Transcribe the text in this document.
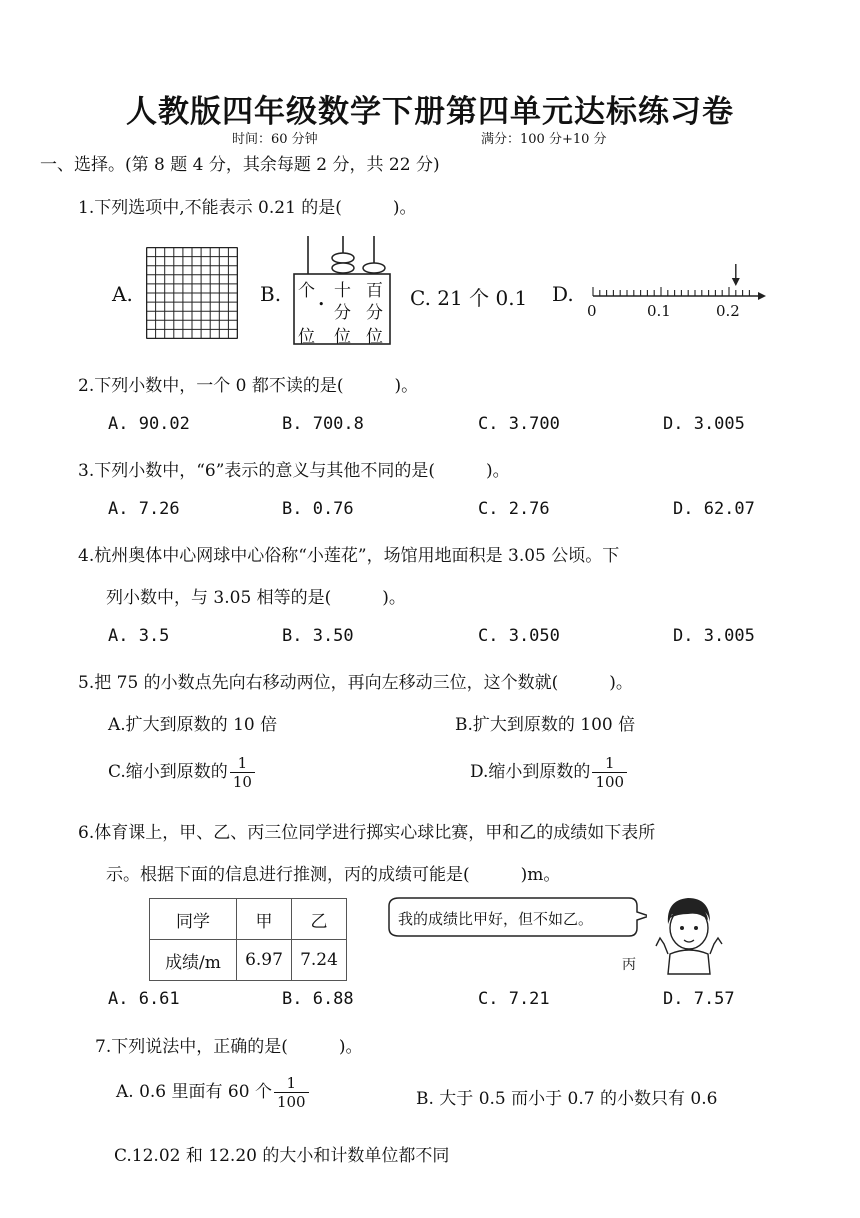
人教版四年级数学下册第四单元达标练习卷
时间：60 分钟	满分：100 分+10 分
一、选择。(第 8 题 4 分，其余每题 2 分，共 22 分)
1.下列选项中,不能表示 0.21 的是(　　　)。
A.	B. 个 十 百
• 分 分
位 位 位
C. 21 个 0.1 D.
0	0.1	0.2
2.下列小数中，一个 0 都不读的是(　　　)。
A. 90.02	B. 700.8	C. 3.700	D. 3.005
3.下列小数中，“6”表示的意义与其他不同的是(　　　)。
A. 7.26	B. 0.76	C. 2.76	D. 62.07
4.杭州奥体中心网球中心俗称“小莲花”，场馆用地面积是 3.05 公顷。下
列小数中，与 3.05 相等的是(　　　)。
A. 3.5	B. 3.50	C. 3.050	D. 3.005
5.把 75 的小数点先向右移动两位，再向左移动三位，这个数就(　　　)。
A.扩大到原数的 10 倍	B.扩大到原数的 100 倍
C.缩小到原数的 $\frac{1}{10}$	D.缩小到原数的 $\frac{1}{100}$
6.体育课上，甲、乙、丙三位同学进行掷实心球比赛，甲和乙的成绩如下表所
示。根据下面的信息进行推测，丙的成绩可能是(　　　)m。
同学	甲	乙
成绩/m	6.97	7.24
我的成绩比甲好，但不如乙。
丙
A. 6.61	B. 6.88	C. 7.21	D. 7.57
7.下列说法中，正确的是(　　　)。
A. 0.6 里面有 60 个 $\frac{1}{100}$	B. 大于 0.5 而小于 0.7 的小数只有 0.6
C.12.02 和 12.20 的大小和计数单位都不同
